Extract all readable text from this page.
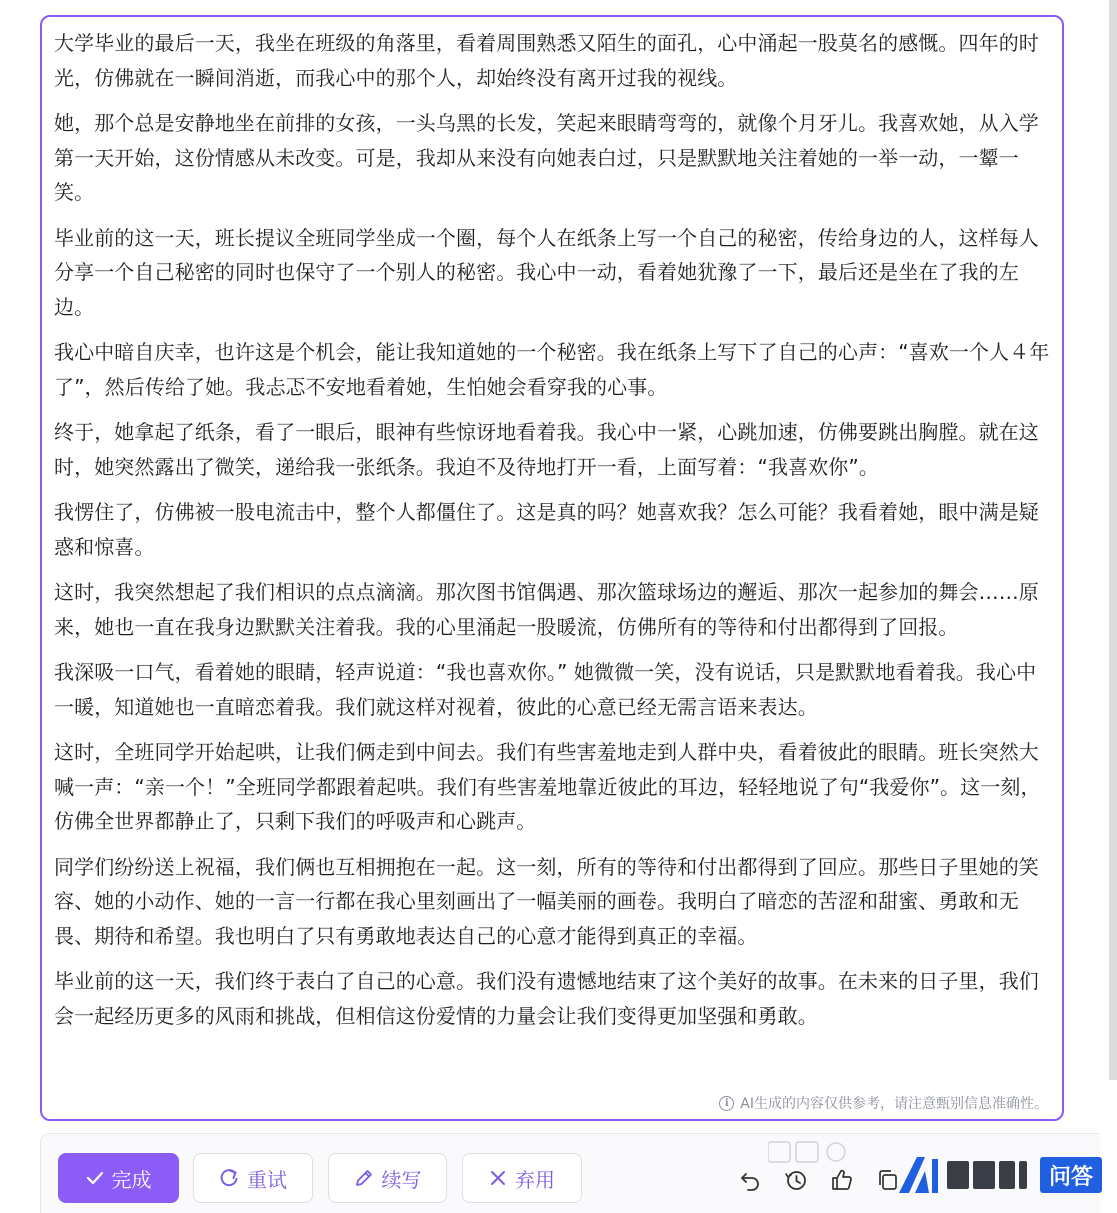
大学毕业的最后一天，我坐在班级的角落里，看着周围熟悉又陌生的面孔，心中涌起一股莫名的感慨。四年的时光，仿佛就在一瞬间消逝，而我心中的那个人，却始终没有离开过我的视线。

她，那个总是安静地坐在前排的女孩，一头乌黑的长发，笑起来眼睛弯弯的，就像个月牙儿。我喜欢她，从入学第一天开始，这份情感从未改变。可是，我却从来没有向她表白过，只是默默地关注着她的一举一动，一颦一笑。

毕业前的这一天，班长提议全班同学坐成一个圈，每个人在纸条上写一个自己的秘密，传给身边的人，这样每人分享一个自己秘密的同时也保守了一个别人的秘密。我心中一动，看着她犹豫了一下，最后还是坐在了我的左边。

我心中暗自庆幸，也许这是个机会，能让我知道她的一个秘密。我在纸条上写下了自己的心声：“喜欢一个人４年了”，然后传给了她。我忐忑不安地看着她，生怕她会看穿我的心事。

终于，她拿起了纸条，看了一眼后，眼神有些惊讶地看着我。我心中一紧，心跳加速，仿佛要跳出胸膛。就在这时，她突然露出了微笑，递给我一张纸条。我迫不及待地打开一看，上面写着：“我喜欢你”。

我愣住了，仿佛被一股电流击中，整个人都僵住了。这是真的吗？她喜欢我？怎么可能？我看着她，眼中满是疑惑和惊喜。

这时，我突然想起了我们相识的点点滴滴。那次图书馆偶遇、那次篮球场边的邂逅、那次一起参加的舞会……原来，她也一直在我身边默默关注着我。我的心里涌起一股暖流，仿佛所有的等待和付出都得到了回报。

我深吸一口气，看着她的眼睛，轻声说道：“我也喜欢你。” 她微微一笑，没有说话，只是默默地看着我。我心中一暖，知道她也一直暗恋着我。我们就这样对视着，彼此的心意已经无需言语来表达。

这时，全班同学开始起哄，让我们俩走到中间去。我们有些害羞地走到人群中央，看着彼此的眼睛。班长突然大喊一声：“亲一个！”全班同学都跟着起哄。我们有些害羞地靠近彼此的耳边，轻轻地说了句“我爱你”。这一刻，仿佛全世界都静止了，只剩下我们的呼吸声和心跳声。

同学们纷纷送上祝福，我们俩也互相拥抱在一起。这一刻，所有的等待和付出都得到了回应。那些日子里她的笑容、她的小动作、她的一言一行都在我心里刻画出了一幅美丽的画卷。我明白了暗恋的苦涩和甜蜜、勇敢和无畏、期待和希望。我也明白了只有勇敢地表达自己的心意才能得到真正的幸福。

毕业前的这一天，我们终于表白了自己的心意。我们没有遗憾地结束了这个美好的故事。在未来的日子里，我们会一起经历更多的风雨和挑战，但相信这份爱情的力量会让我们变得更加坚强和勇敢。

i AI生成的内容仅供参考，请注意甄别信息准确性。
完成	重试	续写	弃用	问答
